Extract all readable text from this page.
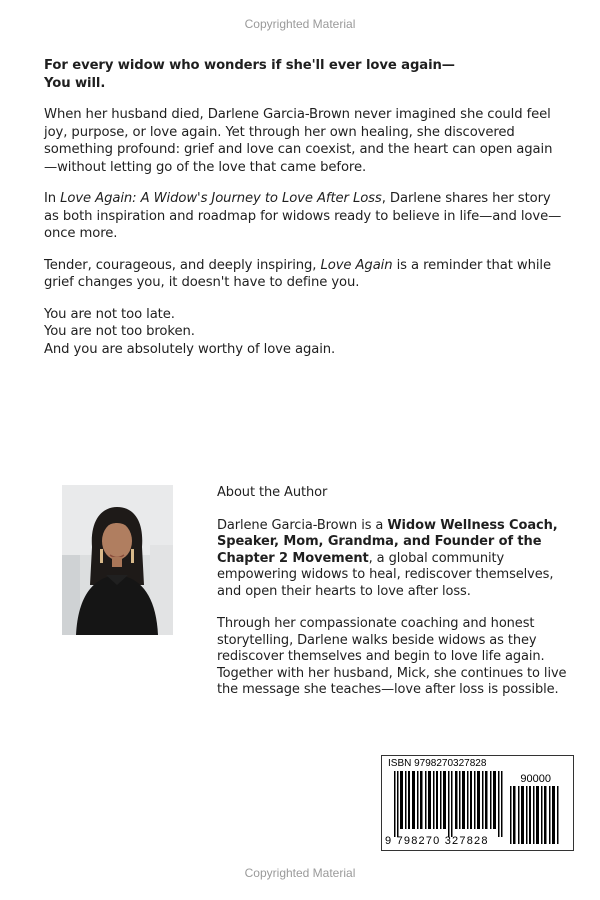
Copyrighted Material

For every widow who wonders if she'll ever love again—
You will.

When her husband died, Darlene Garcia-Brown never imagined she could feel joy, purpose, or love again. Yet through her own healing, she discovered something profound: grief and love can coexist, and the heart can open again—without letting go of the love that came before.

In Love Again: A Widow's Journey to Love After Loss, Darlene shares her story as both inspiration and roadmap for widows ready to believe in life—and love—once more.

Tender, courageous, and deeply inspiring, Love Again is a reminder that while grief changes you, it doesn't have to define you.

You are not too late.
You are not too broken.
And you are absolutely worthy of love again.

About the Author

Darlene Garcia-Brown is a Widow Wellness Coach, Speaker, Mom, Grandma, and Founder of the Chapter 2 Movement, a global community empowering widows to heal, rediscover themselves, and open their hearts to love after loss.

Through her compassionate coaching and honest storytelling, Darlene walks beside widows as they rediscover themselves and begin to love life again. Together with her husband, Mick, she continues to live the message she teaches—love after loss is possible.

ISBN 9798270327828
90000
9 798270 327828
Copyrighted Material
